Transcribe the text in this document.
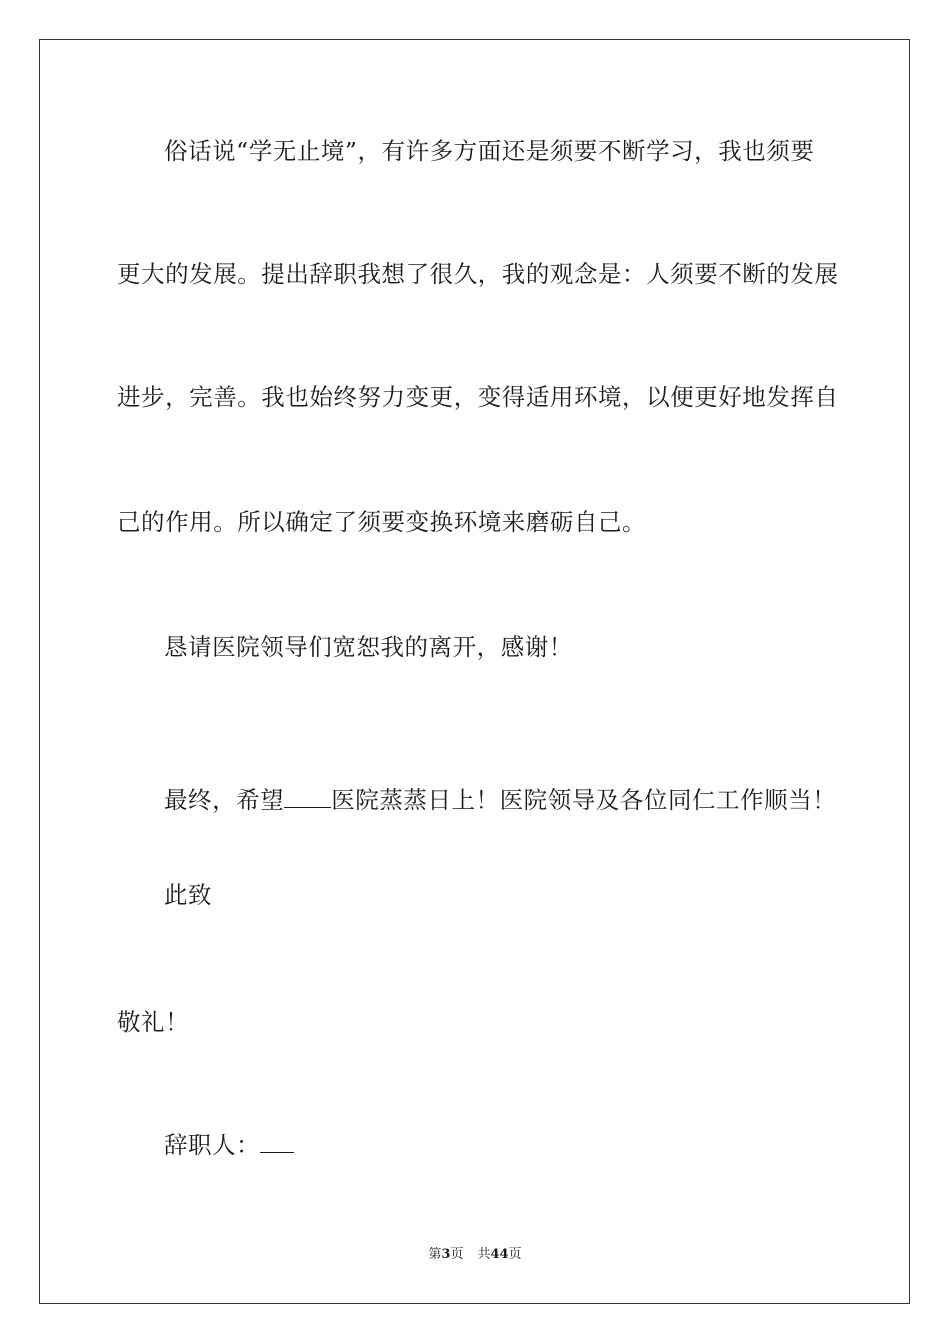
俗话说“学无止境”，有许多方面还是须要不断学习，我也须要
更大的发展。提出辞职我想了很久，我的观念是：人须要不断的发展
进步，完善。我也始终努力变更，变得适用环境，以便更好地发挥自
己的作用。所以确定了须要变换环境来磨砺自己。
恳请医院领导们宽恕我的离开，感谢！
最终，希望 医院蒸蒸日上！医院领导及各位同仁工作顺当！
此致
敬礼！
辞职人：
第3页 共44页
